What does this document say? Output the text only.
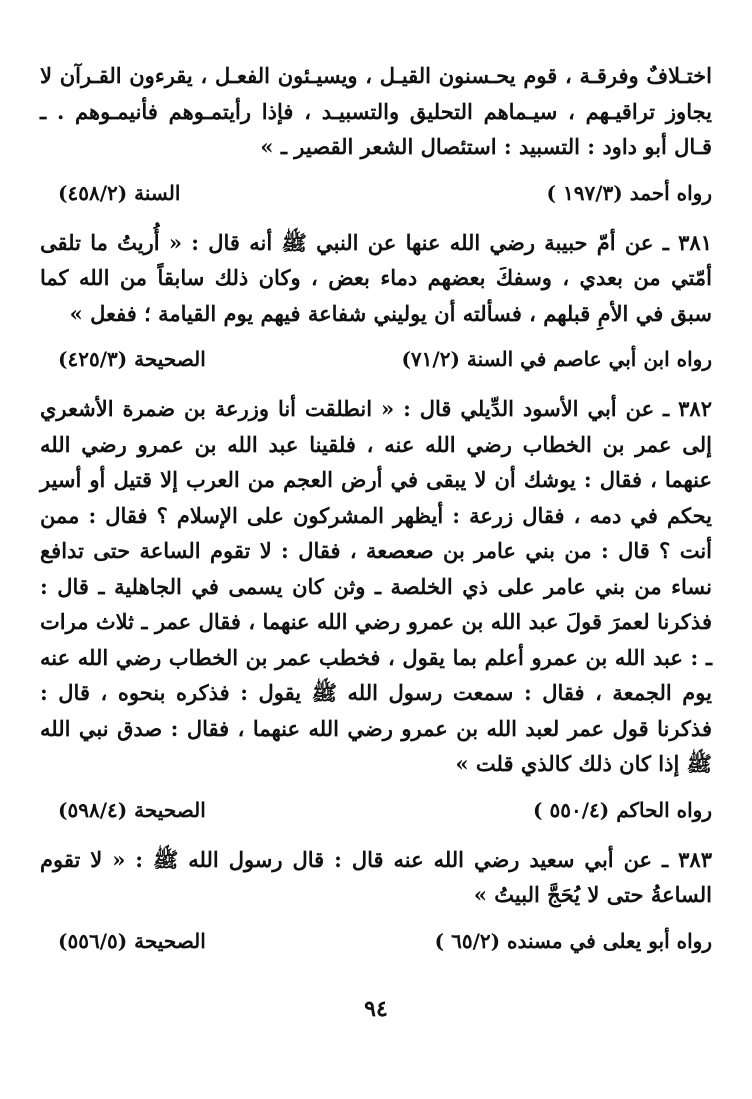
اختـلافٌ وفرقـة ، قوم يحـسنون القيـل ، ويسيـئون الفعـل ، يقرءون القـرآن لا يجاوز تراقيـهم ، سيـماهم التحليق والتسبيـد ، فإذا رأيتمـوهم فأنيمـوهم . ـ قـال أبو داود : التسبيد : استئصال الشعر القصير ـ »

رواه أحمد (١٩٧/٣ )
السنة (٤٥٨/٢)

٣٨١ ـ عن أمّ حبيبة رضي الله عنها عن النبي ﷺ أنه قال : « أُريتُ ما تلقى أمّتي من بعدي ، وسفكَ بعضهم دماء بعض ، وكان ذلك سابقاً من الله كما سبق في الأمِ قبلهم ، فسألته أن يوليني شفاعة فيهم يوم القيامة ؛ ففعل »

رواه ابن أبي عاصم في السنة (٧١/٢)
الصحيحة (٤٢٥/٣)

٣٨٢ ـ عن أبي الأسود الدِّيلي قال : « انطلقت أنا وزرعة بن ضمرة الأشعري إلى عمر بن الخطاب رضي الله عنه ، فلقينا عبد الله بن عمرو رضي الله عنهما ، فقال : يوشك أن لا يبقى في أرض العجم من العرب إلا قتيل أو أسير يحكم في دمه ، فقال زرعة : أيظهر المشركون على الإسلام ؟ فقال : ممن أنت ؟ قال : من بني عامر بن صعصعة ، فقال : لا تقوم الساعة حتى تدافع نساء من بني عامر على ذي الخلصة ـ وثن كان يسمى في الجاهلية ـ قال : فذكرنا لعمرَ قولَ عبد الله بن عمرو رضي الله عنهما ، فقال عمر ـ ثلاث مرات ـ : عبد الله بن عمرو أعلم بما يقول ، فخطب عمر بن الخطاب رضي الله عنه يوم الجمعة ، فقال : سمعت رسول الله ﷺ يقول : فذكره بنحوه ، قال : فذكرنا قول عمر لعبد الله بن عمرو رضي الله عنهما ، فقال : صدق نبي الله ﷺ إذا كان ذلك كالذي قلت »

رواه الحاكم (٥٥٠/٤ )
الصحيحة (٥٩٨/٤)

٣٨٣ ـ عن أبي سعيد رضي الله عنه قال : قال رسول الله ﷺ : « لا تقوم الساعةُ حتى لا يُحَجَّ البيتُ »

رواه أبو يعلى في مسنده (٦٥/٢ )
الصحيحة (٥٥٦/٥)
٩٤
